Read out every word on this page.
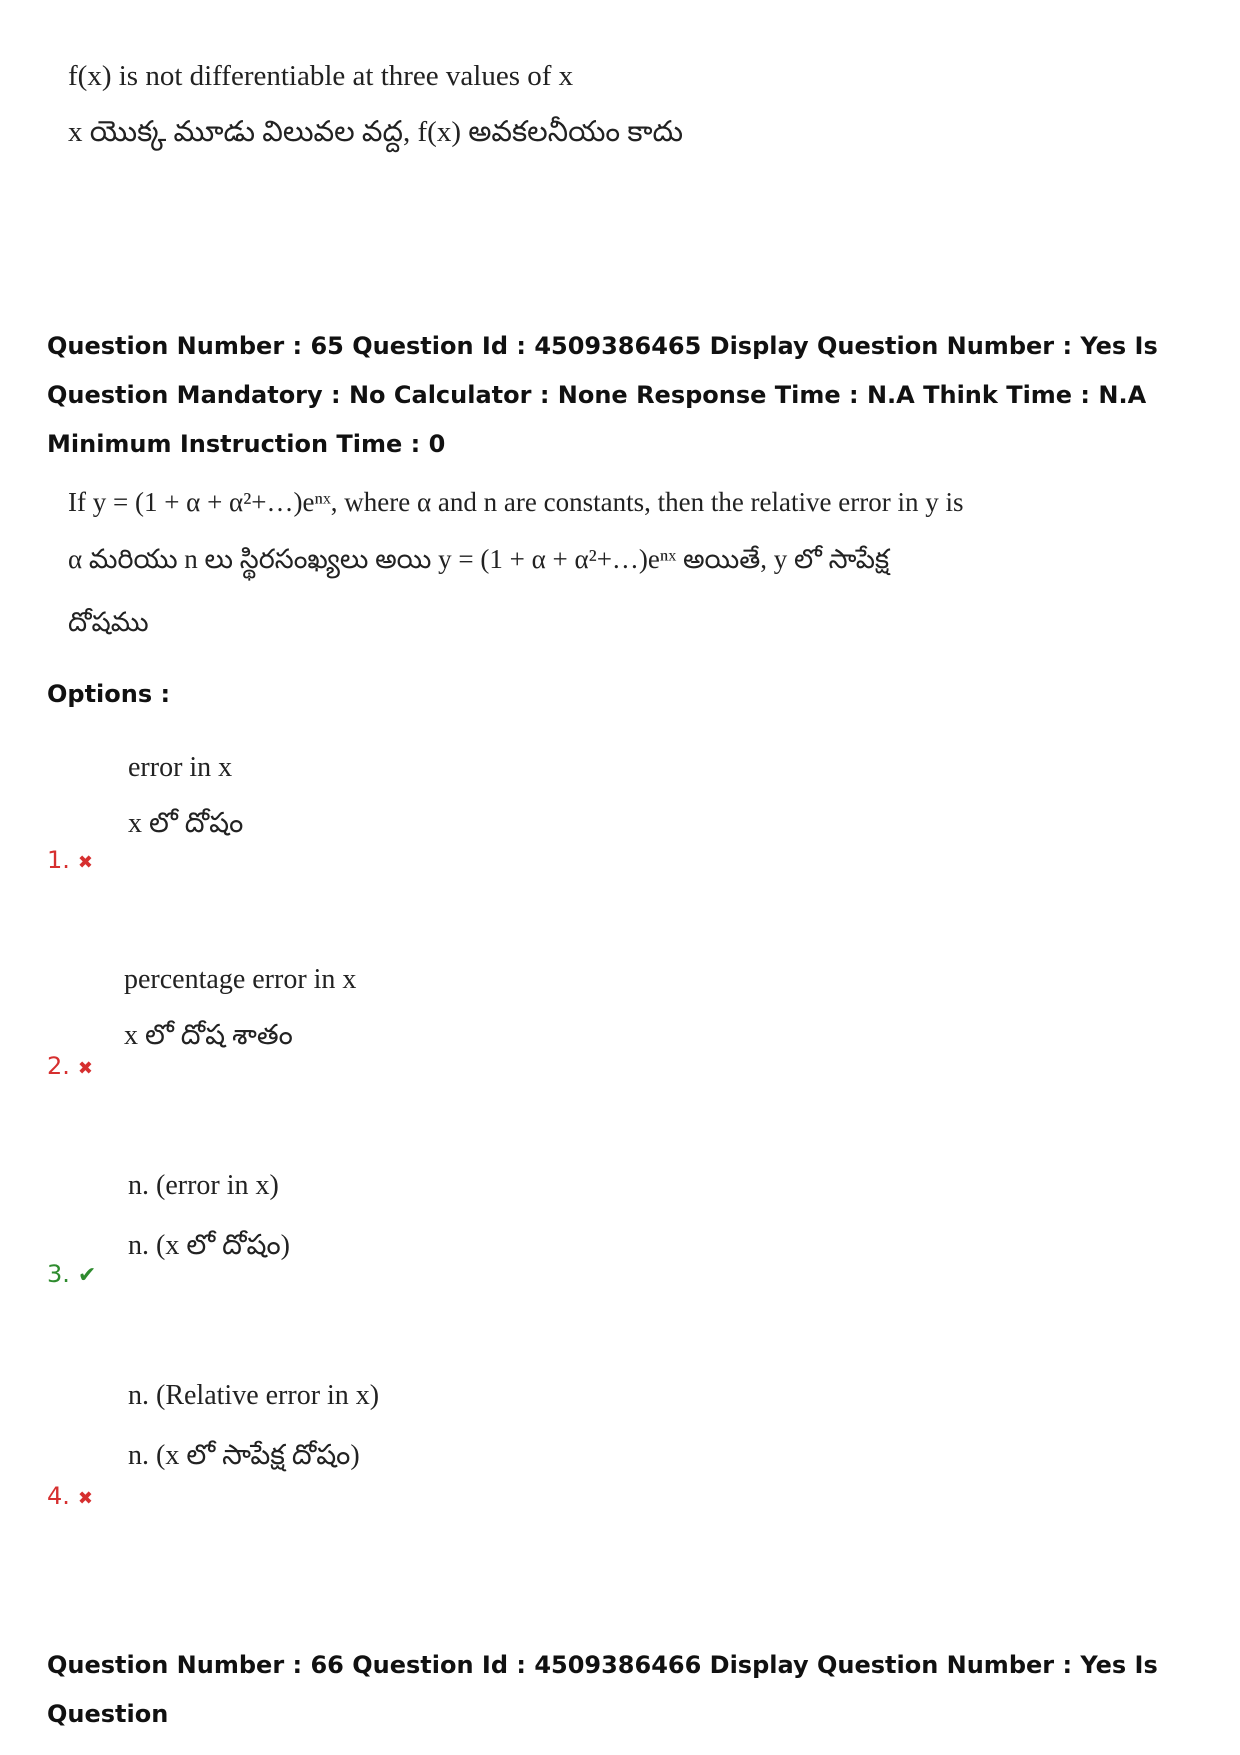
f(x) is not differentiable at three values of x
x యొక్క మూడు విలువల వద్ద, f(x) అవకలనీయం కాదు
Question Number : 65 Question Id : 4509386465 Display Question Number : Yes Is Question Mandatory : No Calculator : None Response Time : N.A Think Time : N.A Minimum Instruction Time : 0
If y = (1 + α + α²+…)eⁿˣ, where α and n are constants, then the relative error in y is
α మరియు n లు స్థిరసంఖ్యలు అయి y = (1 + α + α²+…)eⁿˣ అయితే, y లో సాపేక్ష
దోషము
Options :
error in x
x లో దోషం
1. ✖
percentage error in x
x లో దోష శాతం
2. ✖
n. (error in x)
n. (x లో దోషం)
3. ✔
n. (Relative error in x)
n. (x లో సాపేక్ష దోషం)
4. ✖
Question Number : 66 Question Id : 4509386466 Display Question Number : Yes Is Question
